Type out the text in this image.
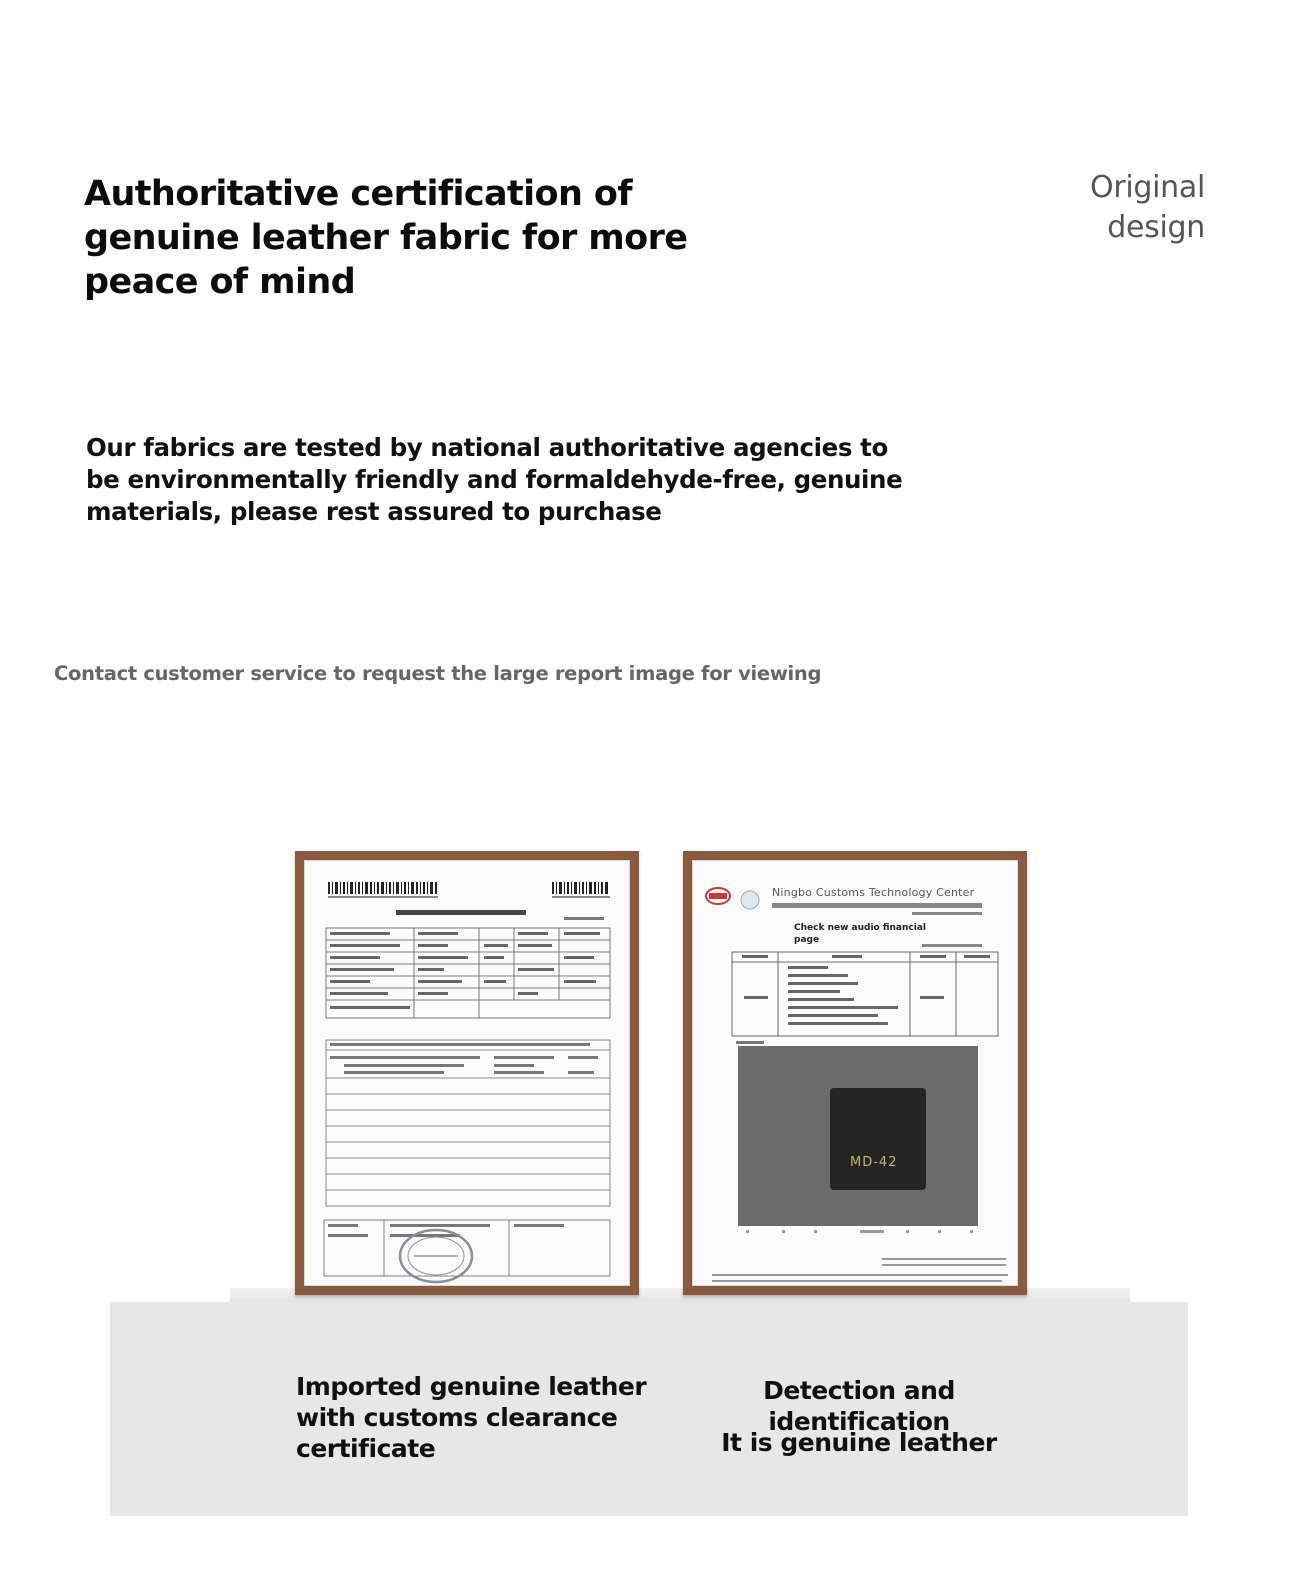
Authoritative certification of genuine leather fabric for more peace of mind
Original
design

Our fabrics are tested by national authoritative agencies to be environmentally friendly and formaldehyde-free, genuine materials, please rest assured to purchase

Contact customer service to request the large report image for viewing
Ningbo Customs Technology Center
Check new audio financial page
MD-42
Imported genuine leather with customs clearance certificate
Detection and identification
It is genuine leather
